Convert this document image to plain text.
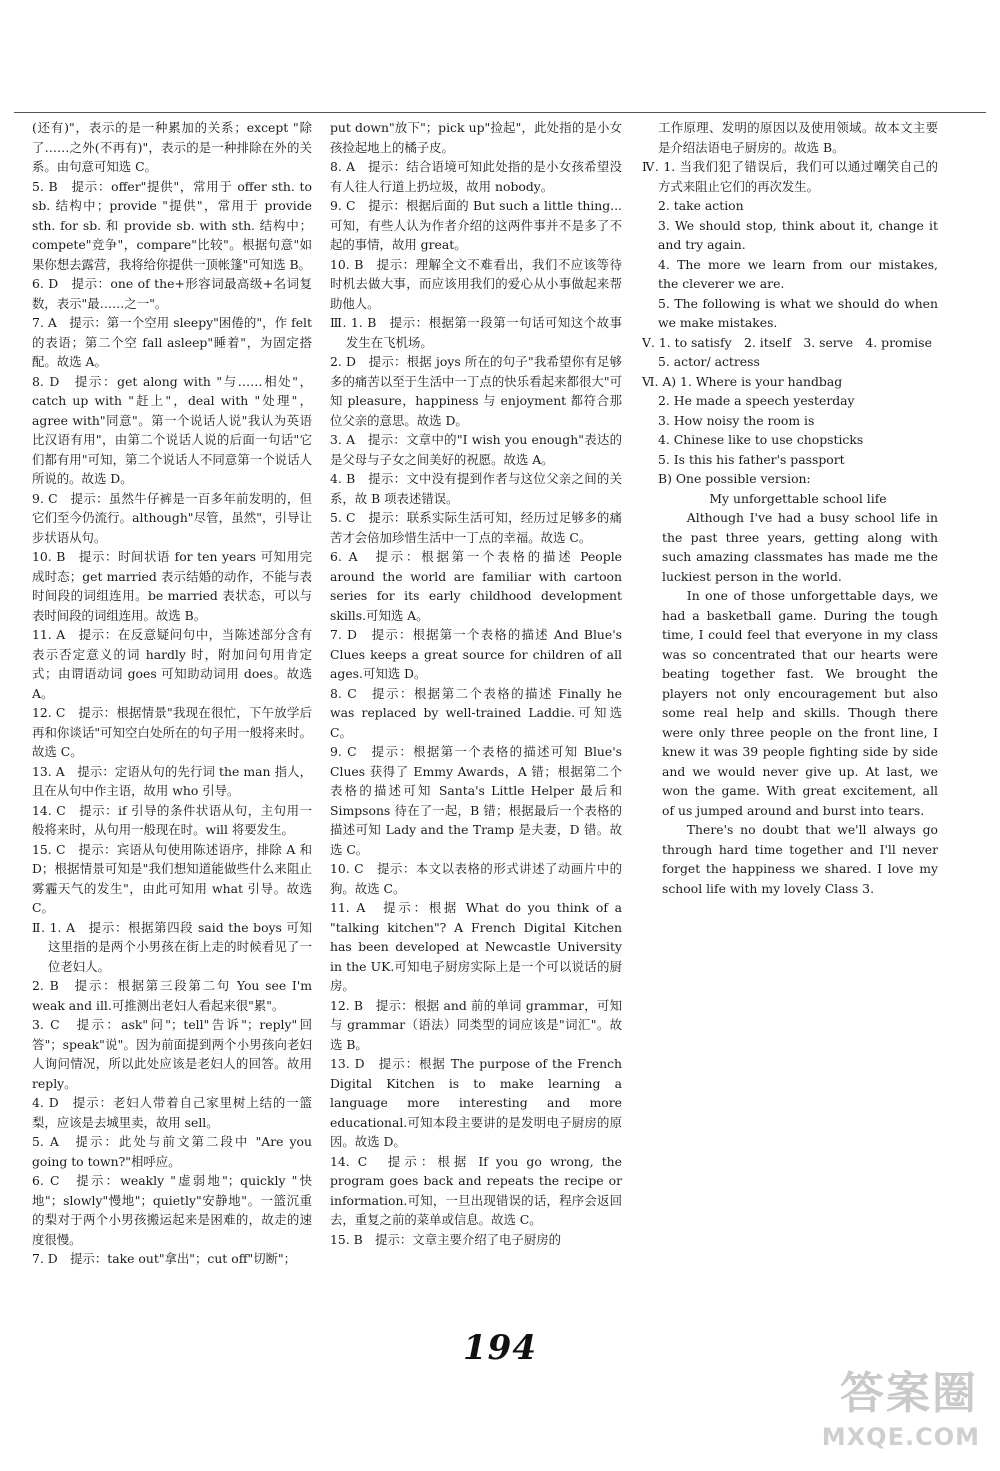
(还有)"，表示的是一种累加的关系；except "除了……之外(不再有)"，表示的是一种排除在外的关系。由句意可知选 C。

5. B　提示：offer"提供"，常用于 offer sth. to sb. 结构中；provide "提供"，常用于 provide sth. for sb. 和 provide sb. with sth. 结构中；compete"竞争"，compare"比较"。根据句意"如果你想去露营，我将给你提供一顶帐篷"可知选 B。

6. D　提示：one of the+形容词最高级+名词复数，表示"最……之一"。

7. A　提示：第一个空用 sleepy"困倦的"，作 felt 的表语；第二个空 fall asleep"睡着"，为固定搭配。故选 A。

8. D　提示：get along with "与……相处"，catch up with "赶上"，deal with "处理"，agree with"同意"。第一个说话人说"我认为英语比汉语有用"，由第二个说话人说的后面一句话"它们都有用"可知，第二个说话人不同意第一个说话人所说的。故选 D。

9. C　提示：虽然牛仔裤是一百多年前发明的，但它们至今仍流行。although"尽管，虽然"，引导让步状语从句。

10. B　提示：时间状语 for ten years 可知用完成时态；get married 表示结婚的动作，不能与表时间段的词组连用。be married 表状态，可以与表时间段的词组连用。故选 B。

11. A　提示：在反意疑问句中，当陈述部分含有表示否定意义的词 hardly 时，附加问句用肯定式；由谓语动词 goes 可知助动词用 does。故选 A。

12. C　提示：根据情景"我现在很忙，下午放学后再和你谈话"可知空白处所在的句子用一般将来时。故选 C。

13. A　提示：定语从句的先行词 the man 指人，且在从句中作主语，故用 who 引导。

14. C　提示：if 引导的条件状语从句，主句用一般将来时，从句用一般现在时。will 将要发生。

15. C　提示：宾语从句使用陈述语序，排除 A 和 D；根据情景可知是"我们想知道能做些什么来阻止雾霾天气的发生"，由此可知用 what 引导。故选 C。

Ⅱ. 1. A　提示：根据第四段 said the boys 可知这里指的是两个小男孩在街上走的时候看见了一位老妇人。

2. B　提示：根据第三段第二句 You see I'm weak and ill.可推测出老妇人看起来很"累"。

3. C　提示：ask"问"；tell"告诉"；reply"回答"；speak"说"。因为前面提到两个小男孩向老妇人询问情况，所以此处应该是老妇人的回答。故用 reply。

4. D　提示：老妇人带着自己家里树上结的一篮梨，应该是去城里卖，故用 sell。

5. A　提示：此处与前文第二段中 "Are you going to town?"相呼应。

6. C　提示：weakly "虚弱地"；quickly "快地"；slowly"慢地"；quietly"安静地"。一篮沉重的梨对于两个小男孩搬运起来是困难的，故走的速度很慢。

7. D　提示：take out"拿出"；cut off"切断"；

put down"放下"；pick up"捡起"，此处指的是小女孩捡起地上的橘子皮。

8. A　提示：结合语境可知此处指的是小女孩希望没有人往人行道上扔垃圾，故用 nobody。

9. C　提示：根据后面的 But such a little thing...可知，有些人认为作者介绍的这两件事并不是多了不起的事情，故用 great。

10. B　提示：理解全文不难看出，我们不应该等待时机去做大事，而应该用我们的爱心从小事做起来帮助他人。

Ⅲ. 1. B　提示：根据第一段第一句话可知这个故事发生在飞机场。

2. D　提示：根据 joys 所在的句子"我希望你有足够多的痛苦以至于生活中一丁点的快乐看起来都很大"可知 pleasure，happiness 与 enjoyment 都符合那位父亲的意思。故选 D。

3. A　提示：文章中的"I wish you enough"表达的是父母与子女之间美好的祝愿。故选 A。

4. B　提示：文中没有提到作者与这位父亲之间的关系，故 B 项表述错误。

5. C　提示：联系实际生活可知，经历过足够多的痛苦才会倍加珍惜生活中一丁点的幸福。故选 C。

6. A　提示：根据第一个表格的描述 People around the world are familiar with cartoon series for its early childhood development skills.可知选 A。

7. D　提示：根据第一个表格的描述 And Blue's Clues keeps a great source for children of all ages.可知选 D。

8. C　提示：根据第二个表格的描述 Finally he was replaced by well-trained Laddie.可知选 C。

9. C　提示：根据第一个表格的描述可知 Blue's Clues 获得了 Emmy Awards，A 错；根据第二个表格的描述可知 Santa's Little Helper 最后和 Simpsons 待在了一起，B 错；根据最后一个表格的描述可知 Lady and the Tramp 是夫妻，D 错。故选 C。

10. C　提示：本文以表格的形式讲述了动画片中的狗。故选 C。

11. A　提示：根据 What do you think of a "talking kitchen"? A French Digital Kitchen has been developed at Newcastle University in the UK.可知电子厨房实际上是一个可以说话的厨房。

12. B　提示：根据 and 前的单词 grammar，可知与 grammar（语法）同类型的词应该是"词汇"。故选 B。

13. D　提示：根据 The purpose of the French Digital Kitchen is to make learning a language more interesting and more educational.可知本段主要讲的是发明电子厨房的原因。故选 D。

14. C　提示：根据 If you go wrong, the program goes back and repeats the recipe or information.可知，一旦出现错误的话，程序会返回去，重复之前的菜单或信息。故选 C。

15. B　提示：文章主要介绍了电子厨房的

工作原理、发明的原因以及使用领域。故本文主要是介绍法语电子厨房的。故选 B。

Ⅳ. 1. 当我们犯了错误后，我们可以通过嘲笑自己的方式来阻止它们的再次发生。

2. take action

3. We should stop, think about it, change it and try again.

4. The more we learn from our mistakes, the cleverer we are.

5. The following is what we should do when we make mistakes.

Ⅴ. 1. to satisfy　2. itself　3. serve　4. promise

5. actor/ actress

Ⅵ. A) 1. Where is your handbag

2. He made a speech yesterday

3. How noisy the room is

4. Chinese like to use chopsticks

5. Is this his father's passport

B) One possible version:

My unforgettable school life

Although I've had a busy school life in the past three years, getting along with such amazing classmates has made me the luckiest person in the world.

In one of those unforgettable days, we had a basketball game. During the tough time, I could feel that everyone in my class was so concentrated that our hearts were beating together fast. We brought the players not only encouragement but also some real help and skills. Though there were only three people on the front line, I knew it was 39 people fighting side by side and we would never give up. At last, we won the game. With great excitement, all of us jumped around and burst into tears.

There's no doubt that we'll always go through hard time together and I'll never forget the happiness we shared. I love my school life with my lovely Class 3.

194
答案圈
MXQE.COM
